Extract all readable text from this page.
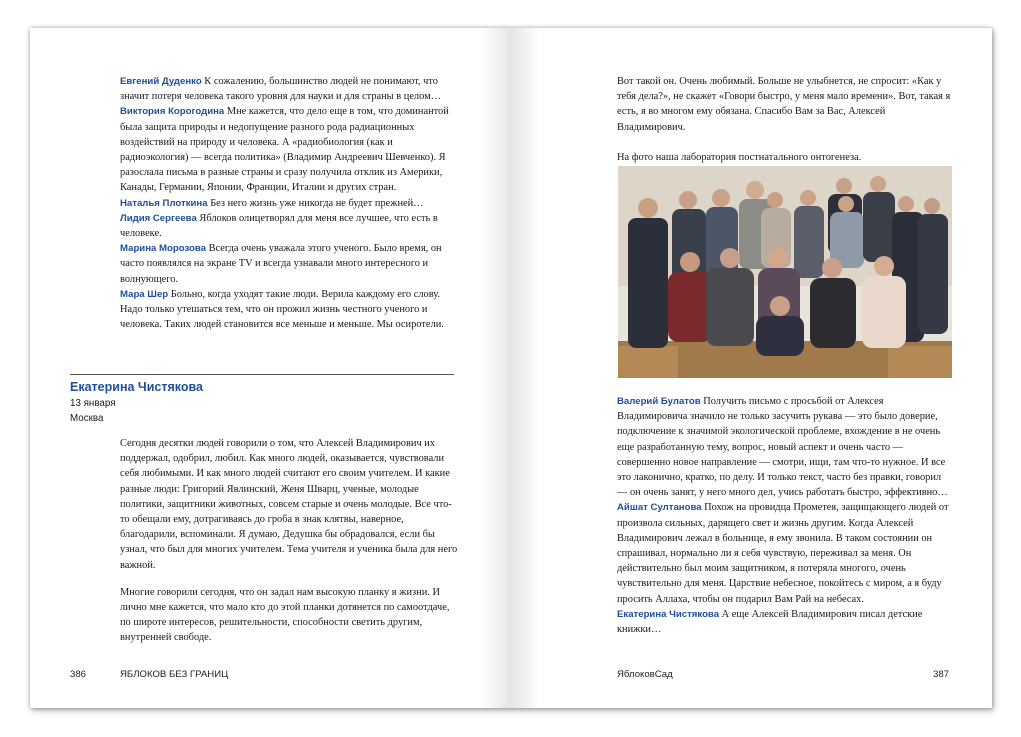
Евгений Дуденко К сожалению, большинство людей не понимают, что значит потеря человека такого уровня для науки и для страны в целом…

Виктория Корогодина Мне кажется, что дело еще в том, что доминантой была защита природы и недопущение разного рода радиационных воздействий на природу и человека. А «радиобиология (как и радиоэкология) — всегда политика» (Владимир Андреевич Шевченко). Я разослала письма в разные страны и сразу получила отклик из Америки, Канады, Германии, Японии, Франции, Италии и других стран.

Наталья Плоткина Без него жизнь уже никогда не будет прежней…

Лидия Сергеева Яблоков олицетворял для меня все лучшее, что есть в человеке.

Марина Морозова Всегда очень уважала этого ученого. Было время, он часто появлялся на экране TV и всегда узнавали много интересного и волнующего.

Мара Шер Больно, когда уходят такие люди. Верила каждому его слову. Надо только утешаться тем, что он прожил жизнь честного ученого и человека. Таких людей становится все меньше и меньше. Мы осиротели.

Екатерина Чистякова
13 января
Москва

Сегодня десятки людей говорили о том, что Алексей Владимирович их поддержал, одобрил, любил. Как много людей, оказывается, чувствовали себя любимыми. И как много людей считают его своим учителем. И какие разные люди: Григорий Явлинский, Женя Шварц, ученые, молодые политики, защитники животных, совсем старые и очень молодые. Все что-то обещали ему, дотрагиваясь до гроба в знак клятвы, наверное, благодарили, вспоминали. Я думаю, Дедушка бы обрадовался, если бы узнал, что был для многих учителем. Тема учителя и ученика была для него важной.

Многие говорили сегодня, что он задал нам высокую планку в жизни. И лично мне кажется, что мало кто до этой планки дотянется по самоотдаче, по широте интересов, решительности, способности светить другим, внутренней свободе.

386	ЯБЛОКОВ БЕЗ ГРАНИЦ

Вот такой он. Очень любимый. Больше не улыбнется, не спросит: «Как у тебя дела?», не скажет «Говори быстро, у меня мало времени». Вот, такая я есть, я во многом ему обязана. Спасибо Вам за Вас, Алексей Владимирович.

На фото наша лаборатория постнатального онтогенеза.

Валерий Булатов Получить письмо с просьбой от Алексея Владимировича значило не только засучить рукава — это было доверие, подключение к значимой экологической проблеме, вхождение в не очень еще разработанную тему, вопрос, новый аспект и очень часто — совершенно новое направление — смотри, ищи, там что-то нужное. И все это лаконично, кратко, по делу. И только текст, часто без правки, говорил — он очень занят, у него много дел, учись работать быстро, эффективно…

Айшат Султанова Похож на провидца Прометея, защищающего людей от произвола сильных, дарящего свет и жизнь другим. Когда Алексей Владимирович лежал в больнице, я ему звонила. В таком состоянии он спрашивал, нормально ли я себя чувствую, переживал за меня. Он действительно был моим защитником, я потеряла многого, очень чувствительно для меня. Царствие небесное, покойтесь с миром, а я буду просить Аллаха, чтобы он подарил Вам Рай на небесах.

Екатерина Чистякова А еще Алексей Владимирович писал детские книжки…

ЯблоковСад	387
